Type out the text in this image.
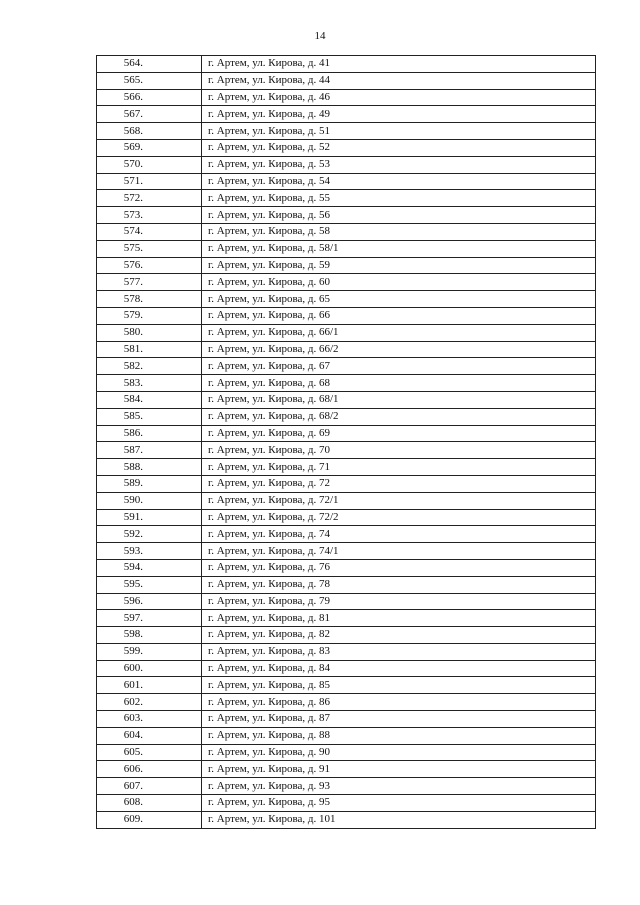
14
564.	г. Артем, ул. Кирова, д. 41
565.	г. Артем, ул. Кирова, д. 44
566.	г. Артем, ул. Кирова, д. 46
567.	г. Артем, ул. Кирова, д. 49
568.	г. Артем, ул. Кирова, д. 51
569.	г. Артем, ул. Кирова, д. 52
570.	г. Артем, ул. Кирова, д. 53
571.	г. Артем, ул. Кирова, д. 54
572.	г. Артем, ул. Кирова, д. 55
573.	г. Артем, ул. Кирова, д. 56
574.	г. Артем, ул. Кирова, д. 58
575.	г. Артем, ул. Кирова, д. 58/1
576.	г. Артем, ул. Кирова, д. 59
577.	г. Артем, ул. Кирова, д. 60
578.	г. Артем, ул. Кирова, д. 65
579.	г. Артем, ул. Кирова, д. 66
580.	г. Артем, ул. Кирова, д. 66/1
581.	г. Артем, ул. Кирова, д. 66/2
582.	г. Артем, ул. Кирова, д. 67
583.	г. Артем, ул. Кирова, д. 68
584.	г. Артем, ул. Кирова, д. 68/1
585.	г. Артем, ул. Кирова, д. 68/2
586.	г. Артем, ул. Кирова, д. 69
587.	г. Артем, ул. Кирова, д. 70
588.	г. Артем, ул. Кирова, д. 71
589.	г. Артем, ул. Кирова, д. 72
590.	г. Артем, ул. Кирова, д. 72/1
591.	г. Артем, ул. Кирова, д. 72/2
592.	г. Артем, ул. Кирова, д. 74
593.	г. Артем, ул. Кирова, д. 74/1
594.	г. Артем, ул. Кирова, д. 76
595.	г. Артем, ул. Кирова, д. 78
596.	г. Артем, ул. Кирова, д. 79
597.	г. Артем, ул. Кирова, д. 81
598.	г. Артем, ул. Кирова, д. 82
599.	г. Артем, ул. Кирова, д. 83
600.	г. Артем, ул. Кирова, д. 84
601.	г. Артем, ул. Кирова, д. 85
602.	г. Артем, ул. Кирова, д. 86
603.	г. Артем, ул. Кирова, д. 87
604.	г. Артем, ул. Кирова, д. 88
605.	г. Артем, ул. Кирова, д. 90
606.	г. Артем, ул. Кирова, д. 91
607.	г. Артем, ул. Кирова, д. 93
608.	г. Артем, ул. Кирова, д. 95
609.	г. Артем, ул. Кирова, д. 101
